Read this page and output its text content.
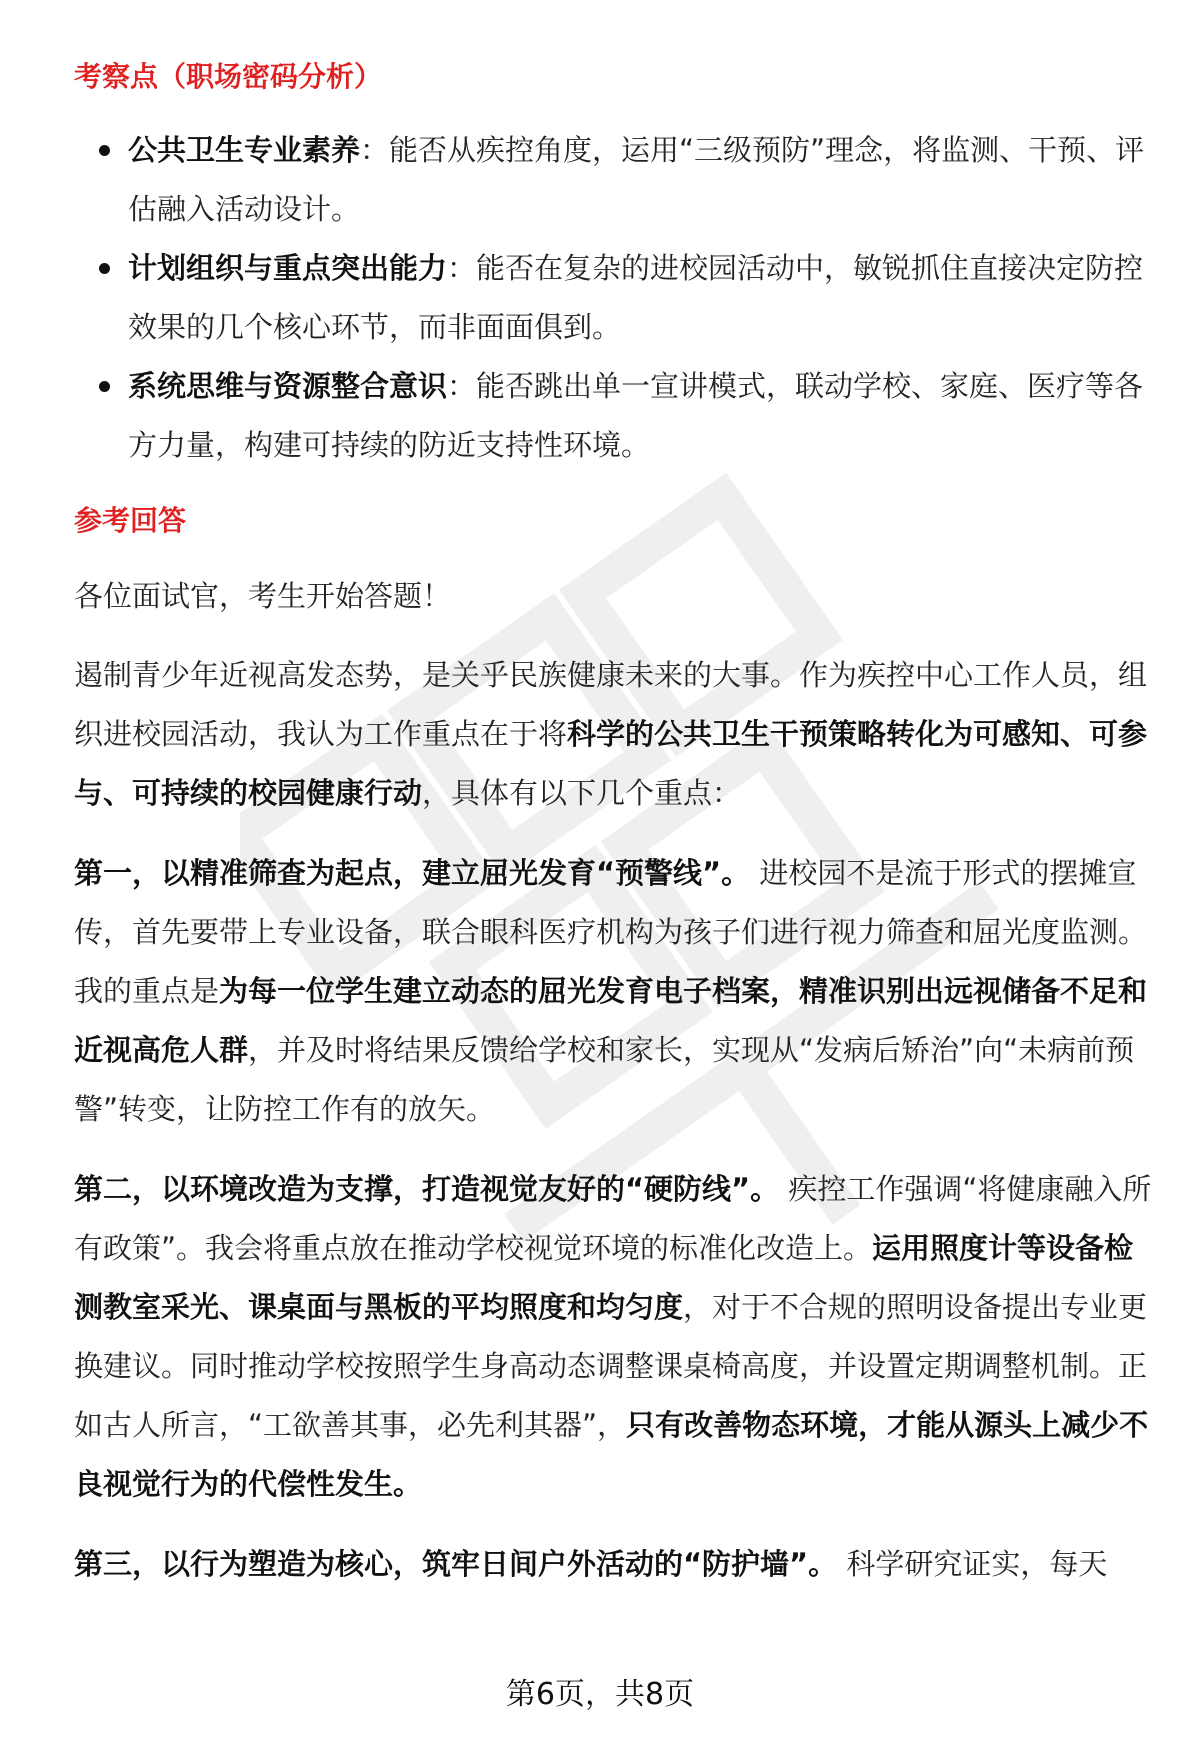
考察点（职场密码分析）
公共卫生专业素养：能否从疾控角度，运用“三级预防”理念，将监测、干预、评估融入活动设计。
计划组织与重点突出能力：能否在复杂的进校园活动中，敏锐抓住直接决定防控效果的几个核心环节，而非面面俱到。
系统思维与资源整合意识：能否跳出单一宣讲模式，联动学校、家庭、医疗等各方力量，构建可持续的防近支持性环境。
参考回答

各位面试官，考生开始答题！

遏制青少年近视高发态势，是关乎民族健康未来的大事。作为疾控中心工作人员，组织进校园活动，我认为工作重点在于将科学的公共卫生干预策略转化为可感知、可参与、可持续的校园健康行动，具体有以下几个重点：

第一，以精准筛查为起点，建立屈光发育“预警线”。 进校园不是流于形式的摆摊宣传，首先要带上专业设备，联合眼科医疗机构为孩子们进行视力筛查和屈光度监测。我的重点是为每一位学生建立动态的屈光发育电子档案，精准识别出远视储备不足和近视高危人群，并及时将结果反馈给学校和家长，实现从“发病后矫治”向“未病前预警”转变，让防控工作有的放矢。

第二，以环境改造为支撑，打造视觉友好的“硬防线”。 疾控工作强调“将健康融入所有政策”。我会将重点放在推动学校视觉环境的标准化改造上。运用照度计等设备检测教室采光、课桌面与黑板的平均照度和均匀度，对于不合规的照明设备提出专业更换建议。同时推动学校按照学生身高动态调整课桌椅高度，并设置定期调整机制。正如古人所言，“工欲善其事，必先利其器”，只有改善物态环境，才能从源头上减少不良视觉行为的代偿性发生。

第三，以行为塑造为核心，筑牢日间户外活动的“防护墙”。 科学研究证实，每天

第6页，共8页
